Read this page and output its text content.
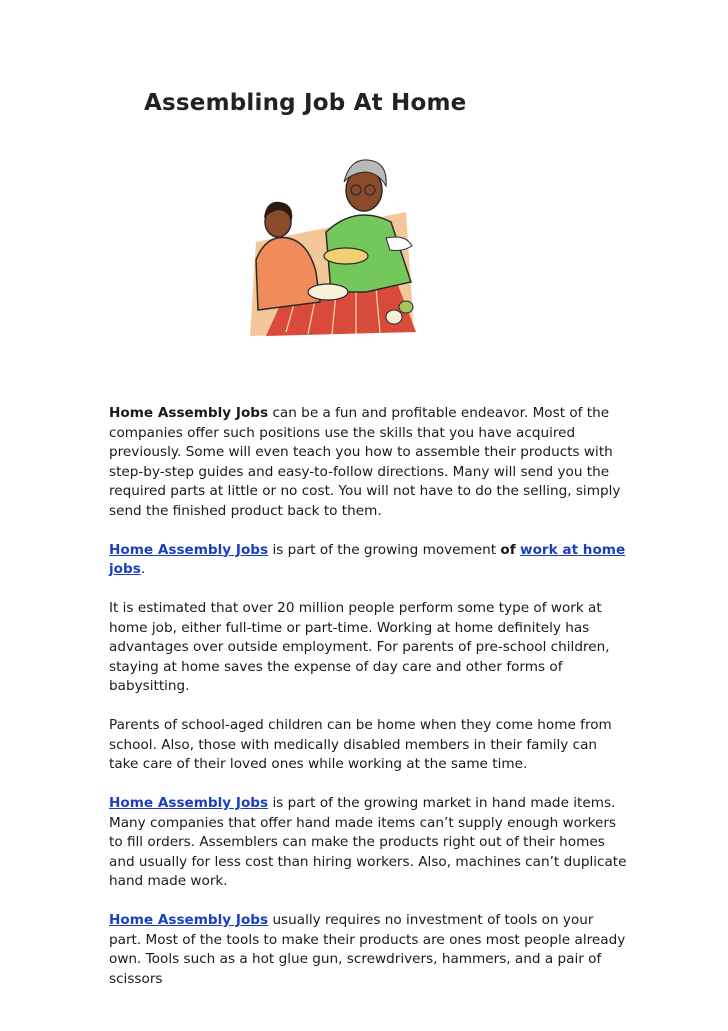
Assembling Job At Home

Home Assembly Jobs can be a fun and profitable endeavor. Most of the companies offer such positions use the skills that you have acquired previously. Some will even teach you how to assemble their products with step-by-step guides and easy-to-follow directions. Many will send you the required parts at little or no cost. You will not have to do the selling, simply send the finished product back to them.

Home Assembly Jobs is part of the growing movement of work at home jobs.

It is estimated that over 20 million people perform some type of work at home job, either full-time or part-time. Working at home definitely has advantages over outside employment. For parents of pre-school children, staying at home saves the expense of day care and other forms of babysitting.

Parents of school-aged children can be home when they come home from school. Also, those with medically disabled members in their family can take care of their loved ones while working at the same time.

Home Assembly Jobs is part of the growing market in hand made items. Many companies that offer hand made items can’t supply enough workers to fill orders. Assemblers can make the products right out of their homes and usually for less cost than hiring workers. Also, machines can’t duplicate hand made work.

Home Assembly Jobs usually requires no investment of tools on your part. Most of the tools to make their products are ones most people already own. Tools such as a hot glue gun, screwdrivers, hammers, and a pair of scissors
